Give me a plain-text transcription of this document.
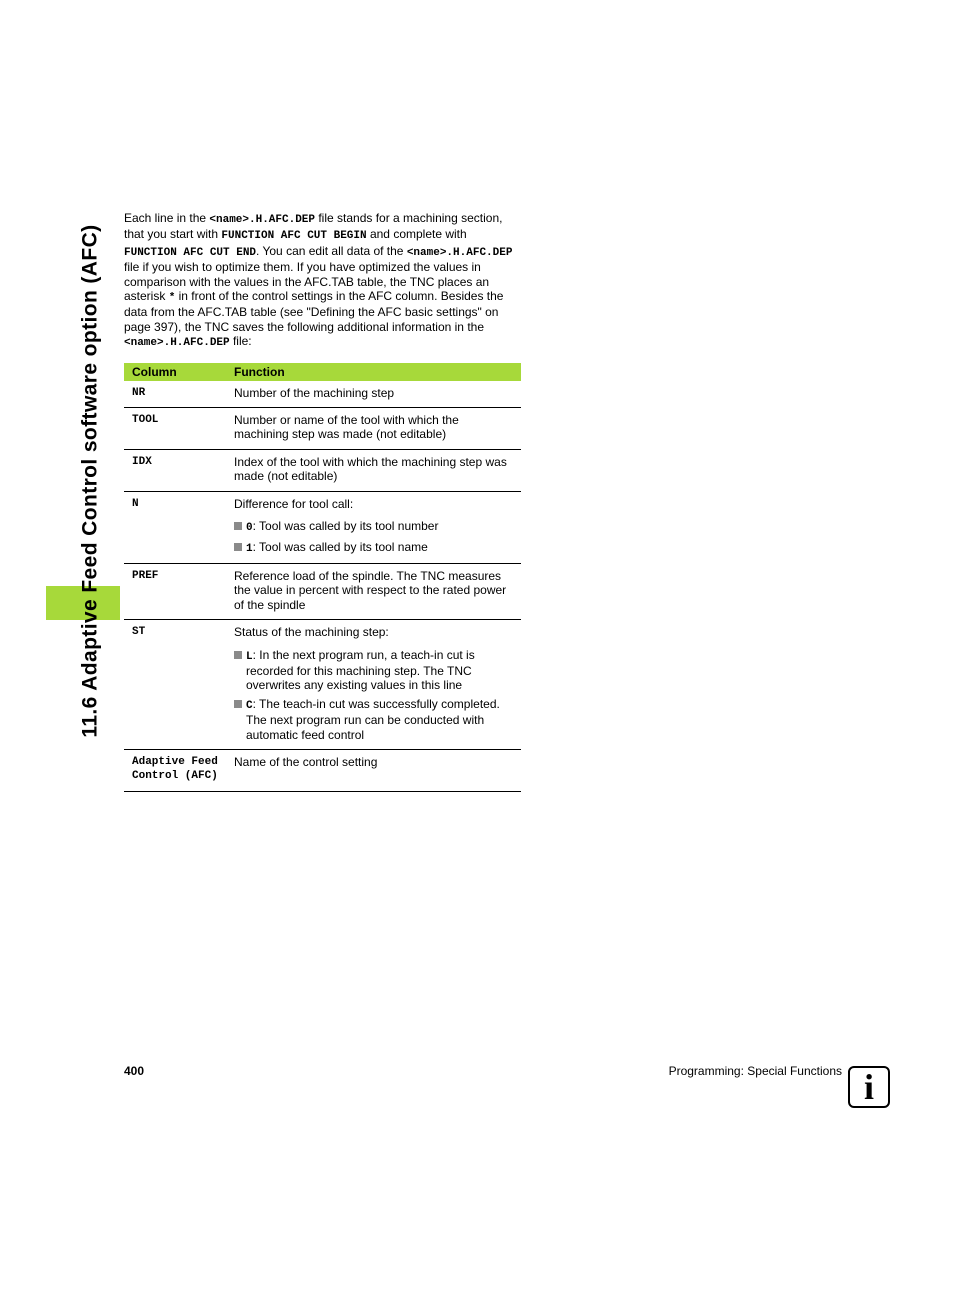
11.6 Adaptive Feed Control software option (AFC)

Each line in the <name>.H.AFC.DEP file stands for a machining section, that you start with FUNCTION AFC CUT BEGIN and complete with FUNCTION AFC CUT END. You can edit all data of the <name>.H.AFC.DEP file if you wish to optimize them. If you have optimized the values in comparison with the values in the AFC.TAB table, the TNC places an asterisk * in front of the control settings in the AFC column. Besides the data from the AFC.TAB table (see "Defining the AFC basic settings" on page 397), the TNC saves the following additional information in the <name>.H.AFC.DEP file:

Column	Function
NR	Number of the machining step

TOOL	Number or name of the tool with which the machining step was made (not editable)

IDX	Index of the tool with which the machining step was made (not editable)

N	Difference for tool call:
0: Tool was called by its tool number
1: Tool was called by its tool name

PREF	Reference load of the spindle. The TNC measures the value in percent with respect to the rated power of the spindle

ST	Status of the machining step:
L: In the next program run, a teach-in cut is recorded for this machining step. The TNC overwrites any existing values in this line
C: The teach-in cut was successfully completed. The next program run can be conducted with automatic feed control

Adaptive Feed Control (AFC)	Name of the control setting
400	Programming: Special Functions i
